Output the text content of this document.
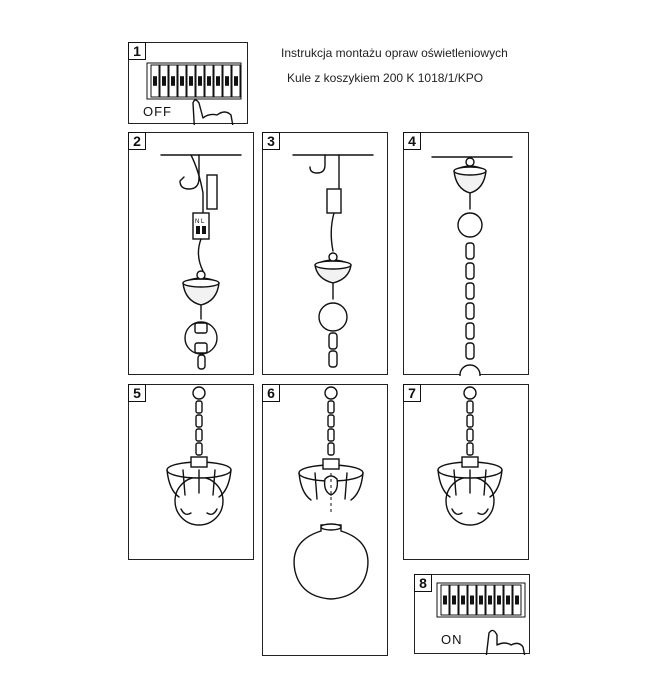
Instrukcja montażu opraw oświetleniowych
Kule z koszykiem 200 K 1018/1/KPO
1
OFF
2
N L
3	4
5	6	7
8
ON
